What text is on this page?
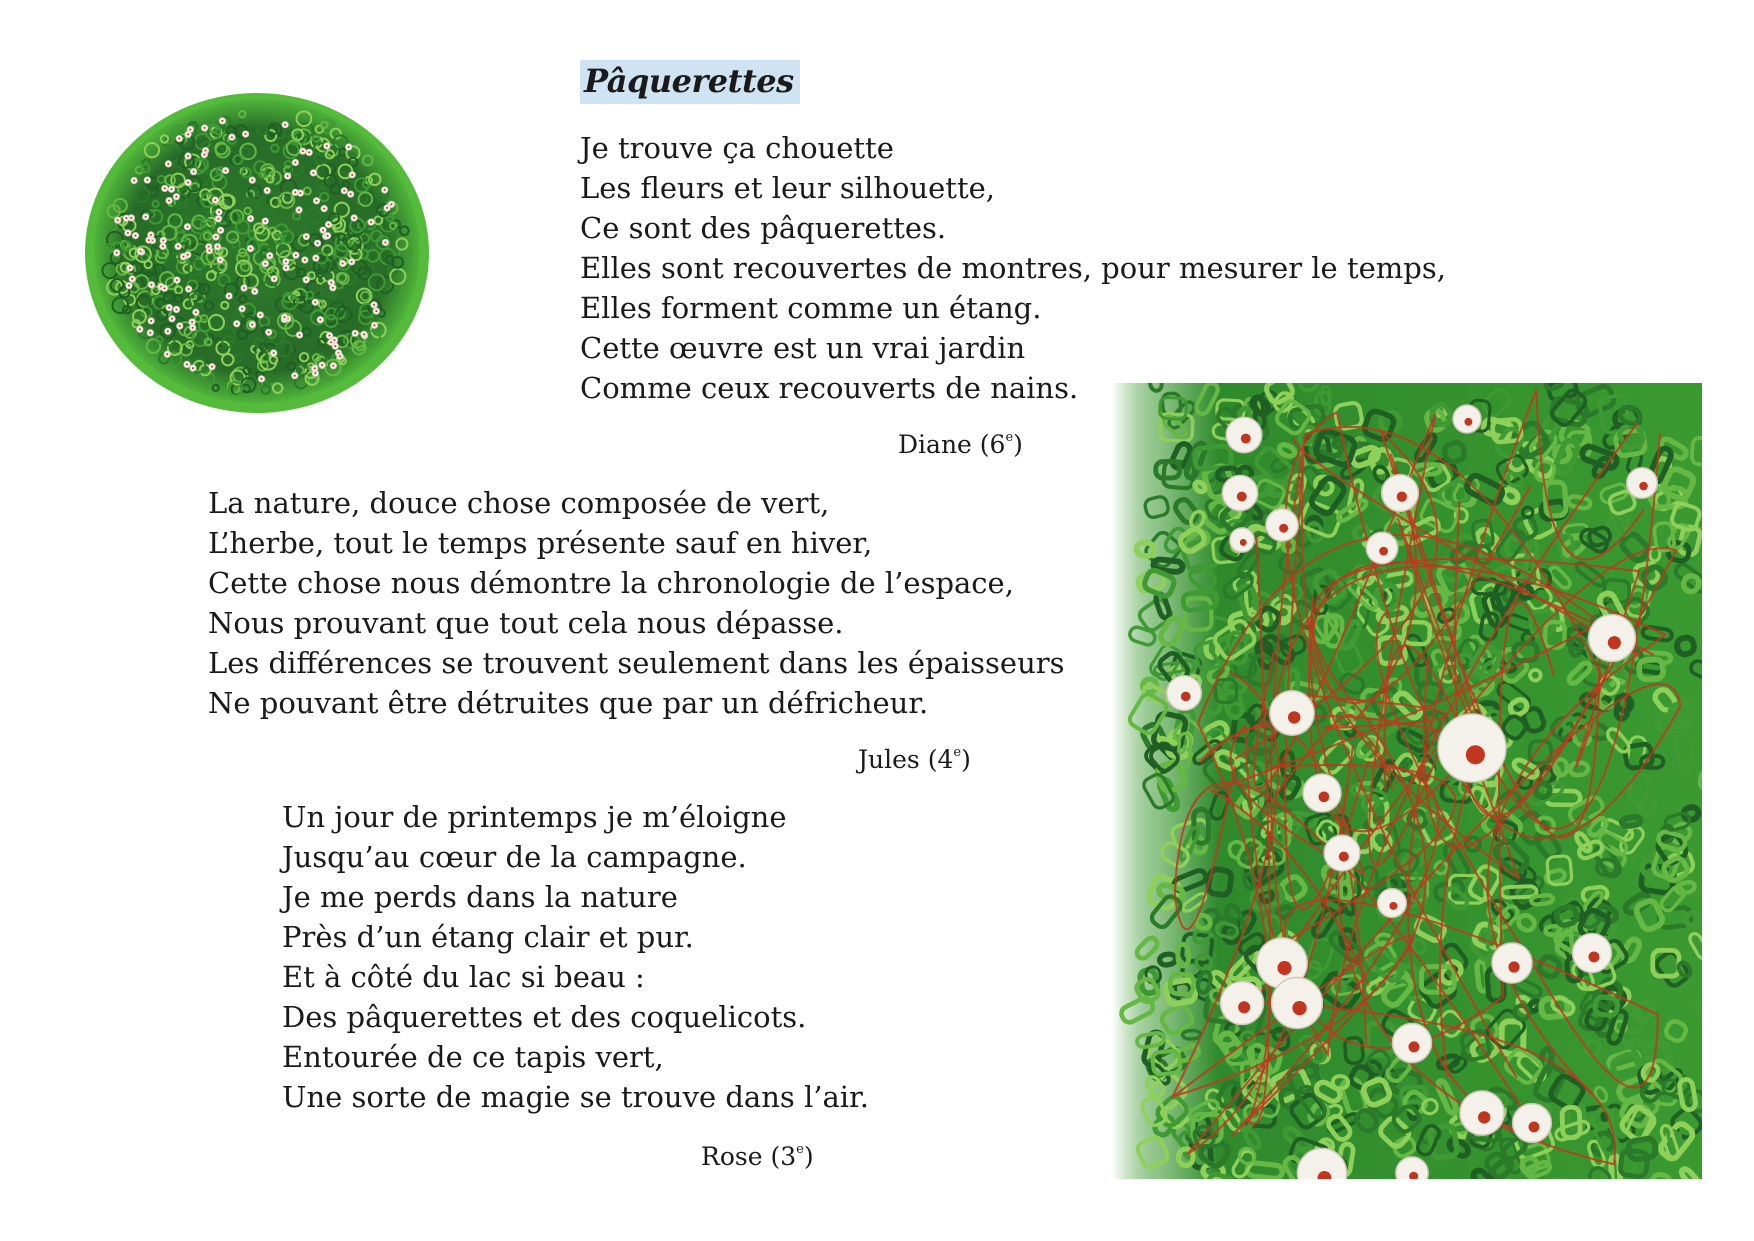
Pâquerettes
Je trouve ça chouette
Les fleurs et leur silhouette,
Ce sont des pâquerettes.
Elles sont recouvertes de montres, pour mesurer le temps,
Elles forment comme un étang.
Cette œuvre est un vrai jardin
Comme ceux recouverts de nains.
Diane (6e)
La nature, douce chose composée de vert,
L’herbe, tout le temps présente sauf en hiver,
Cette chose nous démontre la chronologie de l’espace,
Nous prouvant que tout cela nous dépasse.
Les différences se trouvent seulement dans les épaisseurs
Ne pouvant être détruites que par un défricheur.
Jules (4e)
Un jour de printemps je m’éloigne
Jusqu’au cœur de la campagne.
Je me perds dans la nature
Près d’un étang clair et pur.
Et à côté du lac si beau :
Des pâquerettes et des coquelicots.
Entourée de ce tapis vert,
Une sorte de magie se trouve dans l’air.
Rose (3e)
